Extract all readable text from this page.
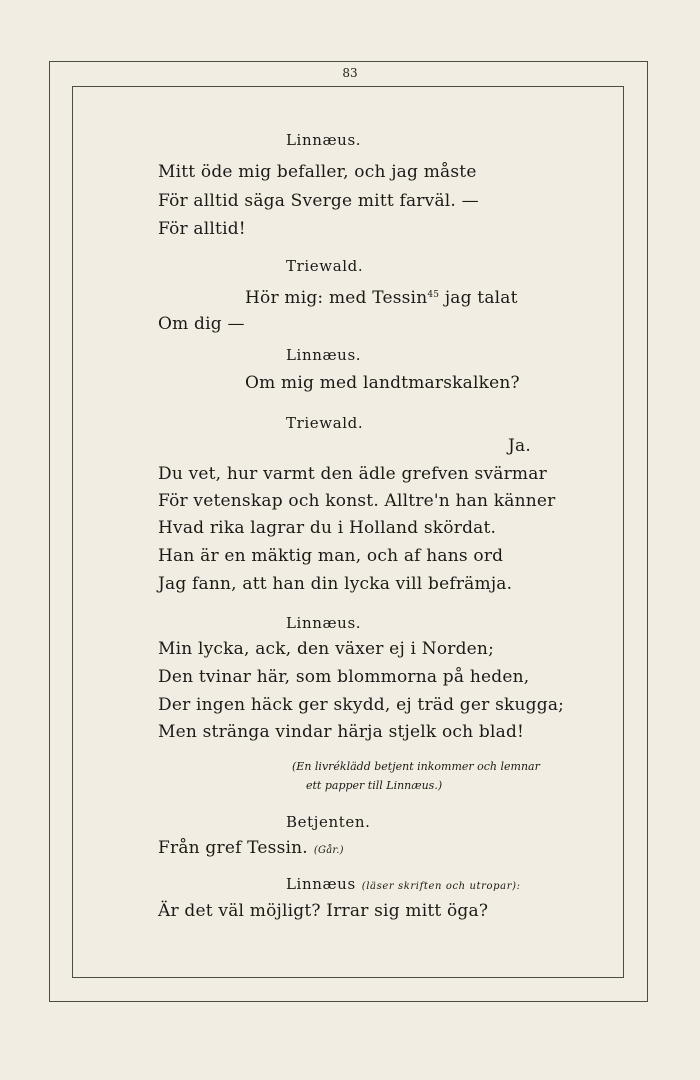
83
Linnæus.
Mitt öde mig befaller, och jag måste
För alltid säga Sverge mitt farväl. —
För alltid!
Triewald.
Hör mig: med Tessin$^{45}$ jag talat
Om dig —
Linnæus.
Om mig med landtmarskalken?
Triewald.
Ja.
Du vet, hur varmt den ädle grefven svärmar
För vetenskap och konst. Alltre'n han känner
Hvad rika lagrar du i Holland skördat.
Han är en mäktig man, och af hans ord
Jag fann, att han din lycka vill befrämja.
Linnæus.
Min lycka, ack, den växer ej i Norden;
Den tvinar här, som blommorna på heden,
Der ingen häck ger skydd, ej träd ger skugga;
Men stränga vindar härja stjelk och blad!
(En livréklädd betjent inkommer och lemnar
ett papper till Linnæus.)
Betjenten.
Från gref Tessin. (Går.)
Linnæus (läser skriften och utropar):
Är det väl möjligt? Irrar sig mitt öga?
